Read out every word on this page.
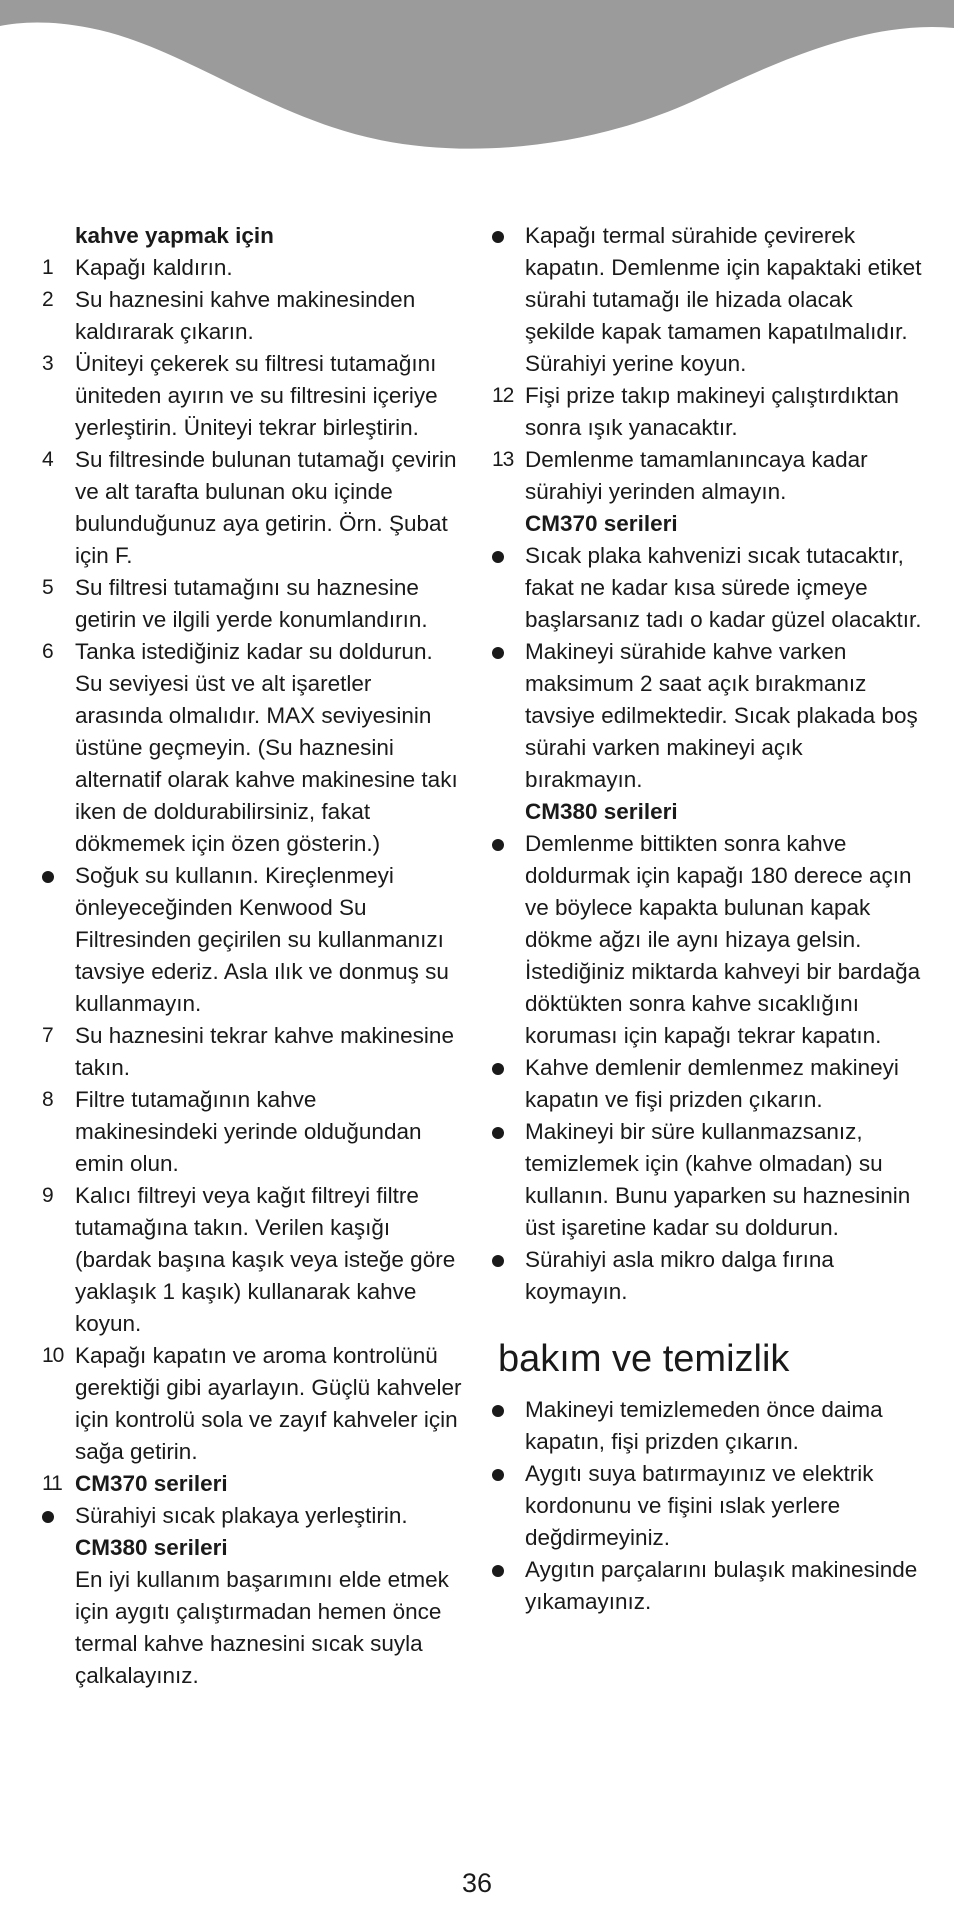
kahve yapmak için
1 Kapağı kaldırın.
2 Su haznesini kahve makinesinden kaldırarak çıkarın.
3 Üniteyi çekerek su filtresi tutamağını üniteden ayırın ve su filtresini içeriye yerleştirin. Üniteyi tekrar birleştirin.
4 Su filtresinde bulunan tutamağı çevirin ve alt tarafta bulunan oku içinde bulunduğunuz aya getirin. Örn. Şubat için F.
5 Su filtresi tutamağını su haznesine getirin ve ilgili yerde konumlandırın.
6 Tanka istediğiniz kadar su doldurun. Su seviyesi üst ve alt işaretler arasında olmalıdır. MAX seviyesinin üstüne geçmeyin. (Su haznesini alternatif olarak kahve makinesine takı iken de doldurabilirsiniz, fakat dökmemek için özen gösterin.)
Soğuk su kullanın. Kireçlenmeyi önleyeceğinden Kenwood Su Filtresinden geçirilen su kullanmanızı tavsiye ederiz. Asla ılık ve donmuş su kullanmayın.
7 Su haznesini tekrar kahve makinesine takın.
8 Filtre tutamağının kahve makinesindeki yerinde olduğundan emin olun.
9 Kalıcı filtreyi veya kağıt filtreyi filtre tutamağına takın. Verilen kaşığı (bardak başına kaşık veya isteğe göre yaklaşık 1 kaşık) kullanarak kahve koyun.
10 Kapağı kapatın ve aroma kontrolünü gerektiği gibi ayarlayın. Güçlü kahveler için kontrolü sola ve zayıf kahveler için sağa getirin.
11 CM370 serileri
Sürahiyi sıcak plakaya yerleştirin.
CM380 serileri
En iyi kullanım başarımını elde etmek için aygıtı çalıştırmadan hemen önce termal kahve haznesini sıcak suyla çalkalayınız.
Kapağı termal sürahide çevirerek kapatın. Demlenme için kapaktaki etiket sürahi tutamağı ile hizada olacak şekilde kapak tamamen kapatılmalıdır. Sürahiyi yerine koyun.
12 Fişi prize takıp makineyi çalıştırdıktan sonra ışık yanacaktır.
13 Demlenme tamamlanıncaya kadar sürahiyi yerinden almayın.
CM370 serileri
Sıcak plaka kahvenizi sıcak tutacaktır, fakat ne kadar kısa sürede içmeye başlarsanız tadı o kadar güzel olacaktır.
Makineyi sürahide kahve varken maksimum 2 saat açık bırakmanız tavsiye edilmektedir. Sıcak plakada boş sürahi varken makineyi açık bırakmayın.
CM380 serileri
Demlenme bittikten sonra kahve doldurmak için kapağı 180 derece açın ve böylece kapakta bulunan kapak dökme ağzı ile aynı hizaya gelsin. İstediğiniz miktarda kahveyi bir bardağa döktükten sonra kahve sıcaklığını koruması için kapağı tekrar kapatın.
Kahve demlenir demlenmez makineyi kapatın ve fişi prizden çıkarın.
Makineyi bir süre kullanmazsanız, temizlemek için (kahve olmadan) su kullanın. Bunu yaparken su haznesinin üst işaretine kadar su doldurun.
Sürahiyi asla mikro dalga fırına koymayın.
bakım ve temizlik
Makineyi temizlemeden önce daima kapatın, fişi prizden çıkarın.
Aygıtı suya batırmayınız ve elektrik kordonunu ve fişini ıslak yerlere değdirmeyiniz.
Aygıtın parçalarını bulaşık makinesinde yıkamayınız.
36
